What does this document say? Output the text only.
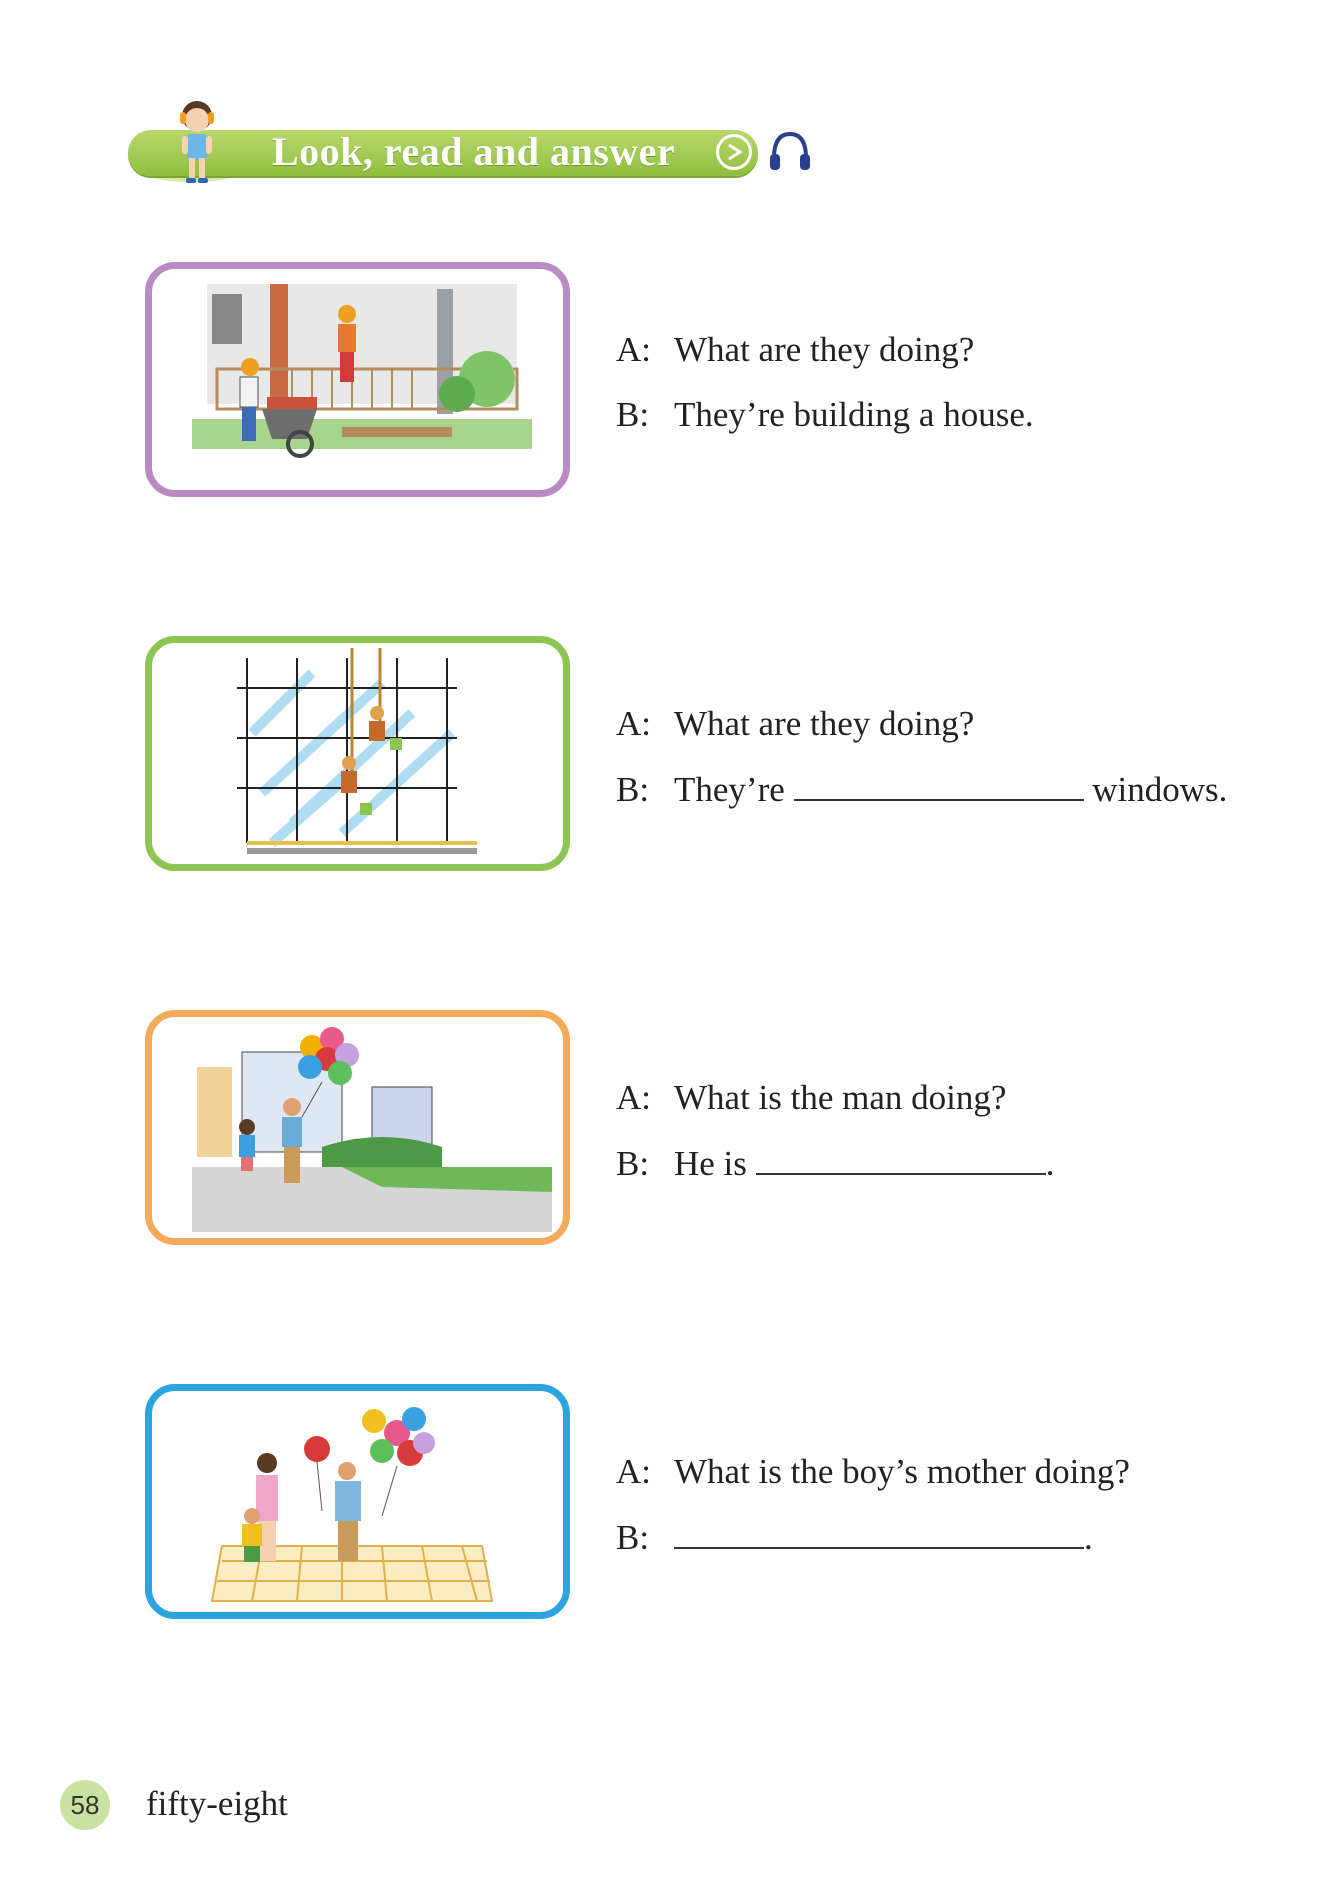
Look, read and answer
A: What are they doing?
B: They’re building a house.
A: What are they doing?
B: They’re	windows.
A: What is the man doing?
B: He is	.
A: What is the boy’s mother doing?
B:	.
58 fifty-eight
